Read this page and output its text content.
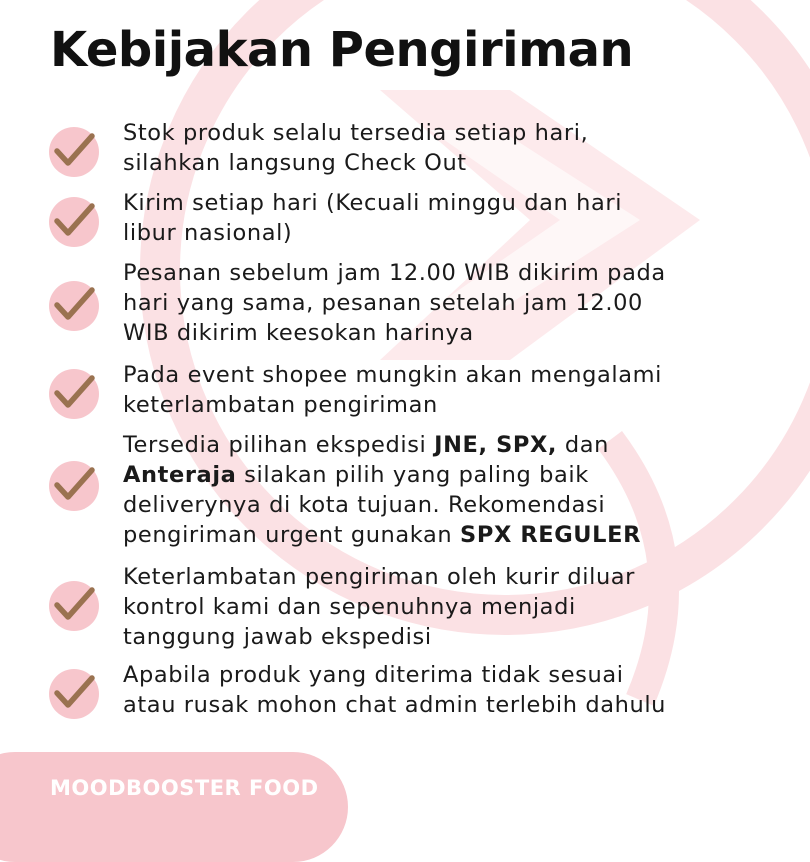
Kebijakan Pengiriman
Stok produk selalu tersedia setiap hari,
silahkan langsung Check Out
Kirim setiap hari (Kecuali minggu dan hari
libur nasional)
Pesanan sebelum jam 12.00 WIB dikirim pada
hari yang sama, pesanan setelah jam 12.00
WIB dikirim keesokan harinya
Pada event shopee mungkin akan mengalami
keterlambatan pengiriman
Tersedia pilihan ekspedisi JNE, SPX, dan
Anteraja silakan pilih yang paling baik
deliverynya di kota tujuan. Rekomendasi
pengiriman urgent gunakan SPX REGULER
Keterlambatan pengiriman oleh kurir diluar
kontrol kami dan sepenuhnya menjadi
tanggung jawab ekspedisi
Apabila produk yang diterima tidak sesuai
atau rusak mohon chat admin terlebih dahulu
MOODBOOSTER FOOD
